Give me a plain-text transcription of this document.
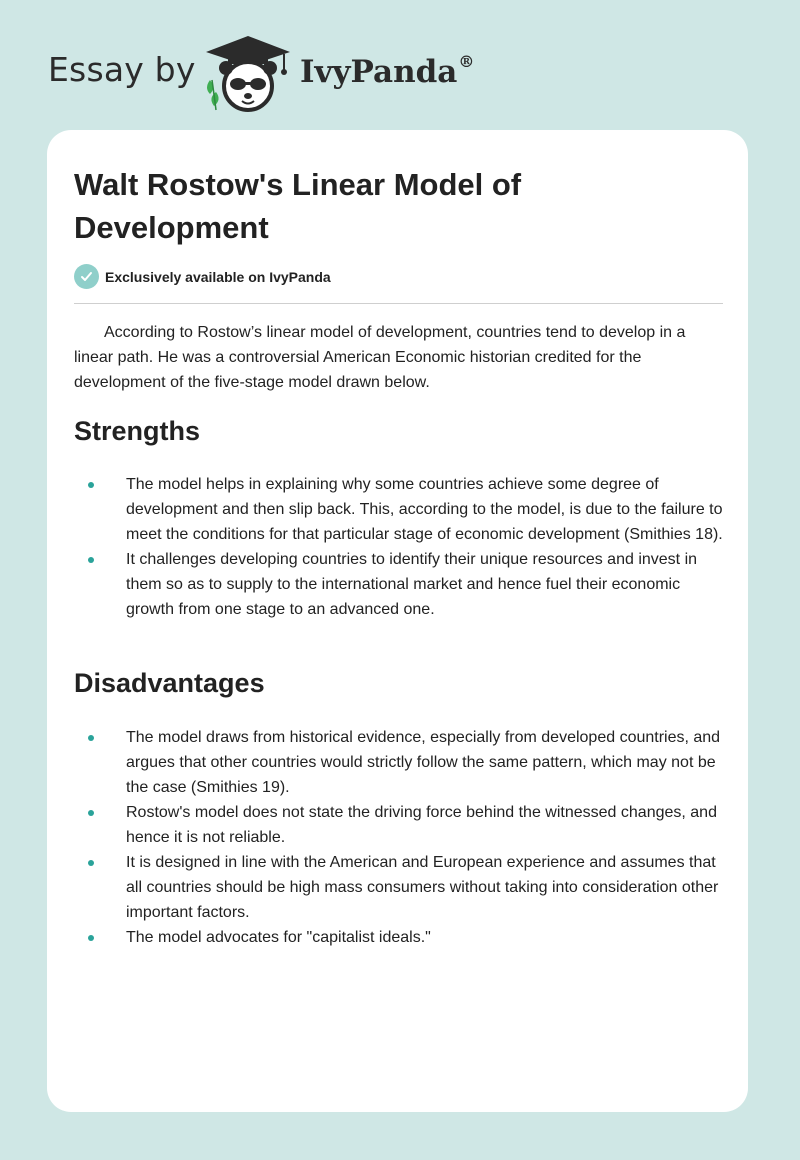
Essay by	IvyPanda®
Walt Rostow's Linear Model of Development
Exclusively available on IvyPanda

According to Rostow’s linear model of development, countries tend to develop in a linear path. He was a controversial American Economic historian credited for the development of the five-stage model drawn below.

Strengths
The model helps in explaining why some countries achieve some degree of development and then slip back. This, according to the model, is due to the failure to meet the conditions for that particular stage of economic development (Smithies 18).
It challenges developing countries to identify their unique resources and invest in them so as to supply to the international market and hence fuel their economic growth from one stage to an advanced one.
Disadvantages
The model draws from historical evidence, especially from developed countries, and argues that other countries would strictly follow the same pattern, which may not be the case (Smithies 19).
Rostow's model does not state the driving force behind the witnessed changes, and hence it is not reliable.
It is designed in line with the American and European experience and assumes that all countries should be high mass consumers without taking into consideration other important factors.
The model advocates for "capitalist ideals."
